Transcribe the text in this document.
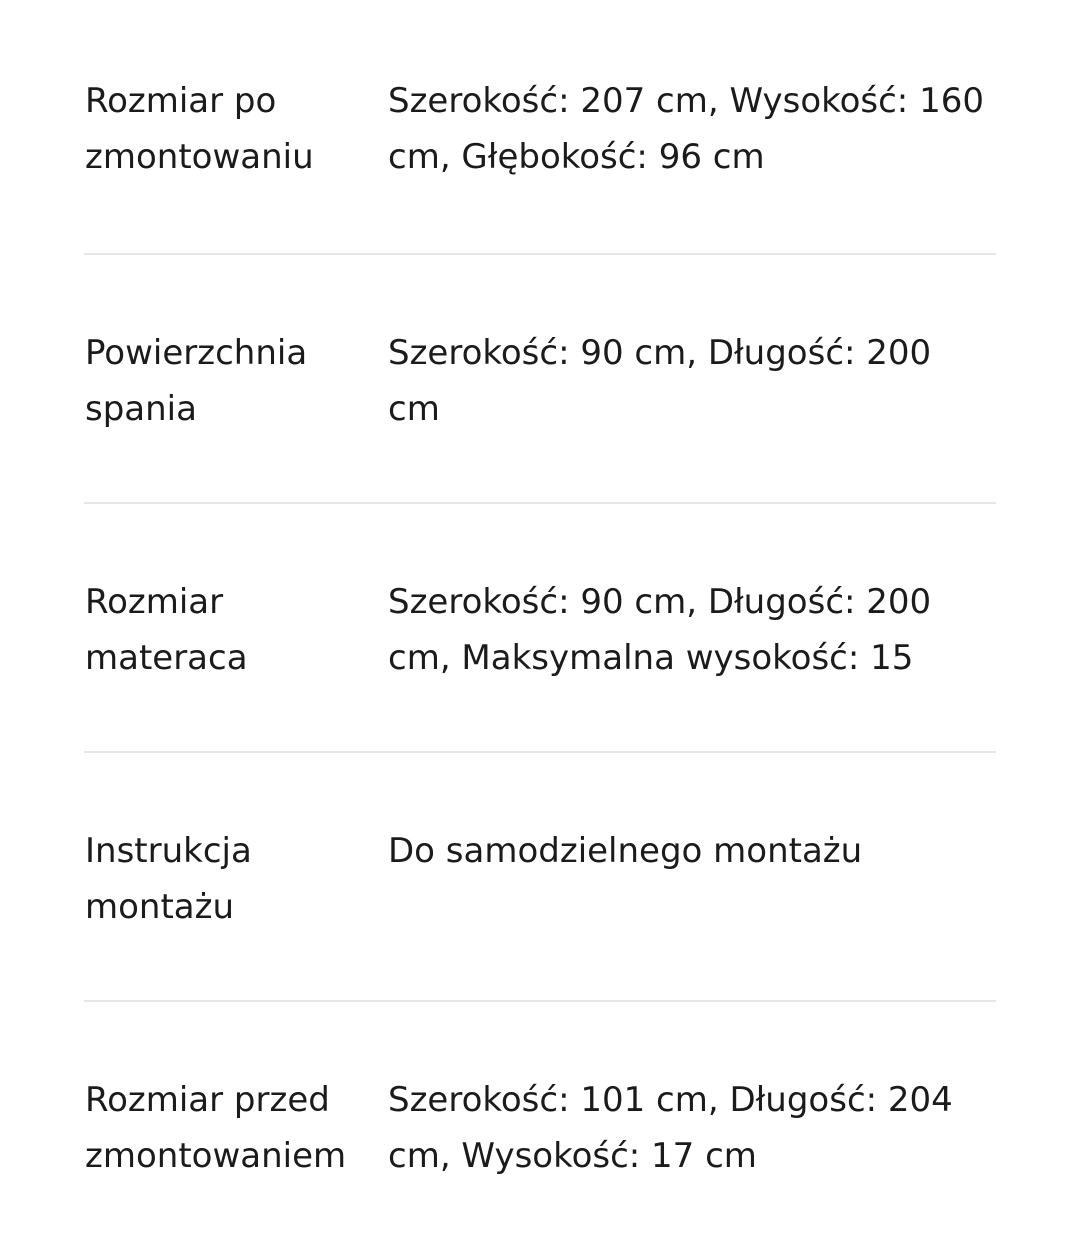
Rozmiar po zmontowaniu
Szerokość: 207 cm, Wysokość: 160 cm, Głębokość: 96 cm
Powierzchnia spania
Szerokość: 90 cm, Długość: 200 cm
Rozmiar materaca
Szerokość: 90 cm, Długość: 200 cm, Maksymalna wysokość: 15
Instrukcja montażu
Do samodzielnego montażu
Rozmiar przed zmontowaniem
Szerokość: 101 cm, Długość: 204 cm, Wysokość: 17 cm
